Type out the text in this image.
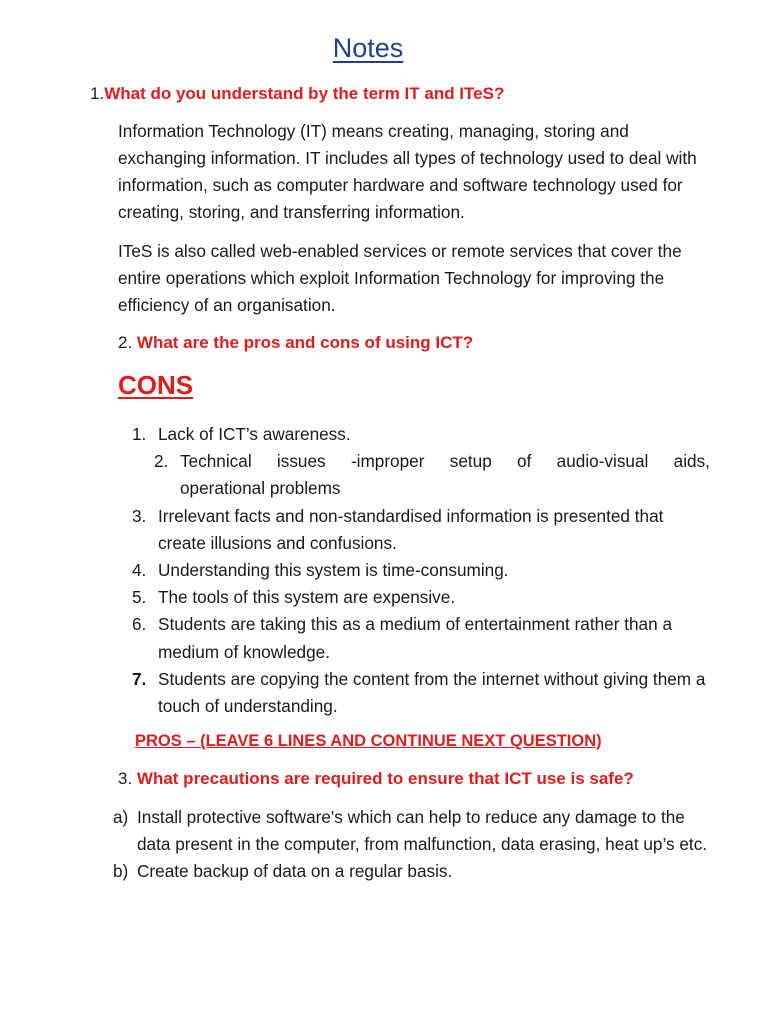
Notes
1.What do you understand by the term IT and ITeS?

Information Technology (IT) means creating, managing, storing and exchanging information. IT includes all types of technology used to deal with information, such as computer hardware and software technology used for creating, storing, and transferring information.

ITeS is also called web-enabled services or remote services that cover the entire operations which exploit Information Technology for improving the efficiency of an organisation.

2. What are the pros and cons of using ICT?
CONS
1. Lack of ICT’s awareness.
2. Technical issues -improper setup of audio-visual aids,
operational problems
3. Irrelevant facts and non-standardised information is presented that create illusions and confusions.
4. Understanding this system is time-consuming.
5. The tools of this system are expensive.
6. Students are taking this as a medium of entertainment rather than a medium of knowledge.
7. Students are copying the content from the internet without giving them a touch of understanding.
PROS – (LEAVE 6 LINES AND CONTINUE NEXT QUESTION)
3. What precautions are required to ensure that ICT use is safe?
a) Install protective software's which can help to reduce any damage to the data present in the computer, from malfunction, data erasing, heat up’s etc.
b) Create backup of data on a regular basis.
